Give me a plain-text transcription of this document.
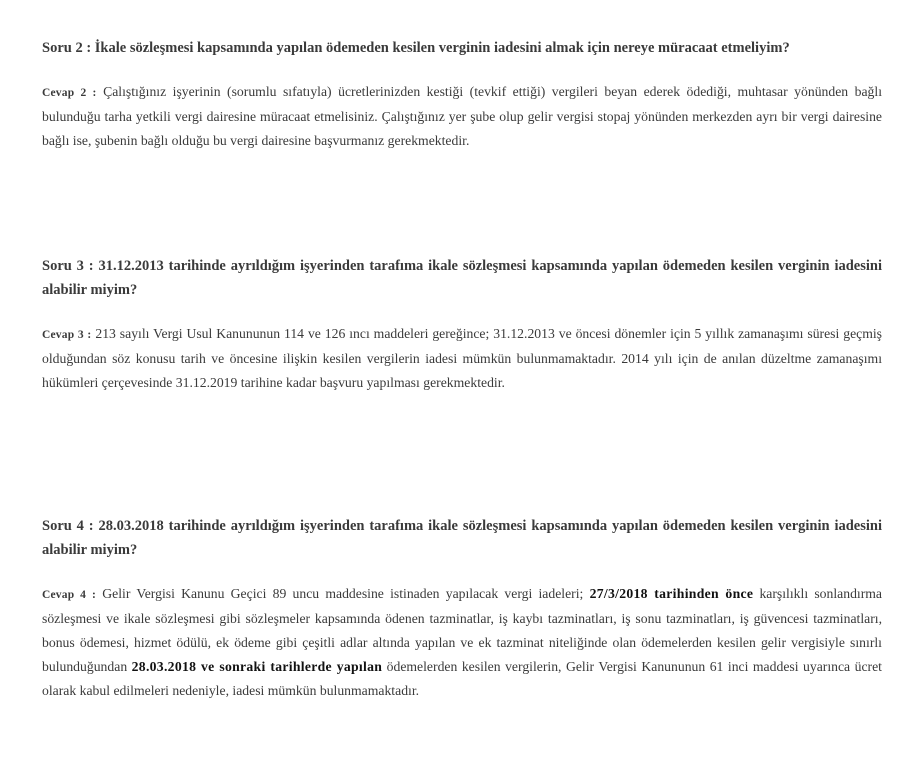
Soru 2 : İkale sözleşmesi kapsamında yapılan ödemeden kesilen verginin iadesini almak için nereye müracaat etmeliyim?

Cevap 2 : Çalıştığınız işyerinin (sorumlu sıfatıyla) ücretlerinizden kestiği (tevkif ettiği) vergileri beyan ederek ödediği, muhtasar yönünden bağlı bulunduğu tarha yetkili vergi dairesine müracaat etmelisiniz. Çalıştığınız yer şube olup gelir vergisi stopaj yönünden merkezden ayrı bir vergi dairesine bağlı ise, şubenin bağlı olduğu bu vergi dairesine başvurmanız gerekmektedir.

Soru 3 : 31.12.2013 tarihinde ayrıldığım işyerinden tarafıma ikale sözleşmesi kapsamında yapılan ödemeden kesilen verginin iadesini alabilir miyim?

Cevap 3 : 213 sayılı Vergi Usul Kanununun 114 ve 126 ıncı maddeleri gereğince; 31.12.2013 ve öncesi dönemler için 5 yıllık zamanaşımı süresi geçmiş olduğundan söz konusu tarih ve öncesine ilişkin kesilen vergilerin iadesi mümkün bulunmamaktadır. 2014 yılı için de anılan düzeltme zamanaşımı hükümleri çerçevesinde 31.12.2019 tarihine kadar başvuru yapılması gerekmektedir.

Soru 4 : 28.03.2018 tarihinde ayrıldığım işyerinden tarafıma ikale sözleşmesi kapsamında yapılan ödemeden kesilen verginin iadesini alabilir miyim?

Cevap 4 : Gelir Vergisi Kanunu Geçici 89 uncu maddesine istinaden yapılacak vergi iadeleri; 27/3/2018 tarihinden önce karşılıklı sonlandırma sözleşmesi ve ikale sözleşmesi gibi sözleşmeler kapsamında ödenen tazminatlar, iş kaybı tazminatları, iş sonu tazminatları, iş güvencesi tazminatları, bonus ödemesi, hizmet ödülü, ek ödeme gibi çeşitli adlar altında yapılan ve ek tazminat niteliğinde olan ödemelerden kesilen gelir vergisiyle sınırlı bulunduğundan 28.03.2018 ve sonraki tarihlerde yapılan ödemelerden kesilen vergilerin, Gelir Vergisi Kanununun 61 inci maddesi uyarınca ücret olarak kabul edilmeleri nedeniyle, iadesi mümkün bulunmamaktadır.
